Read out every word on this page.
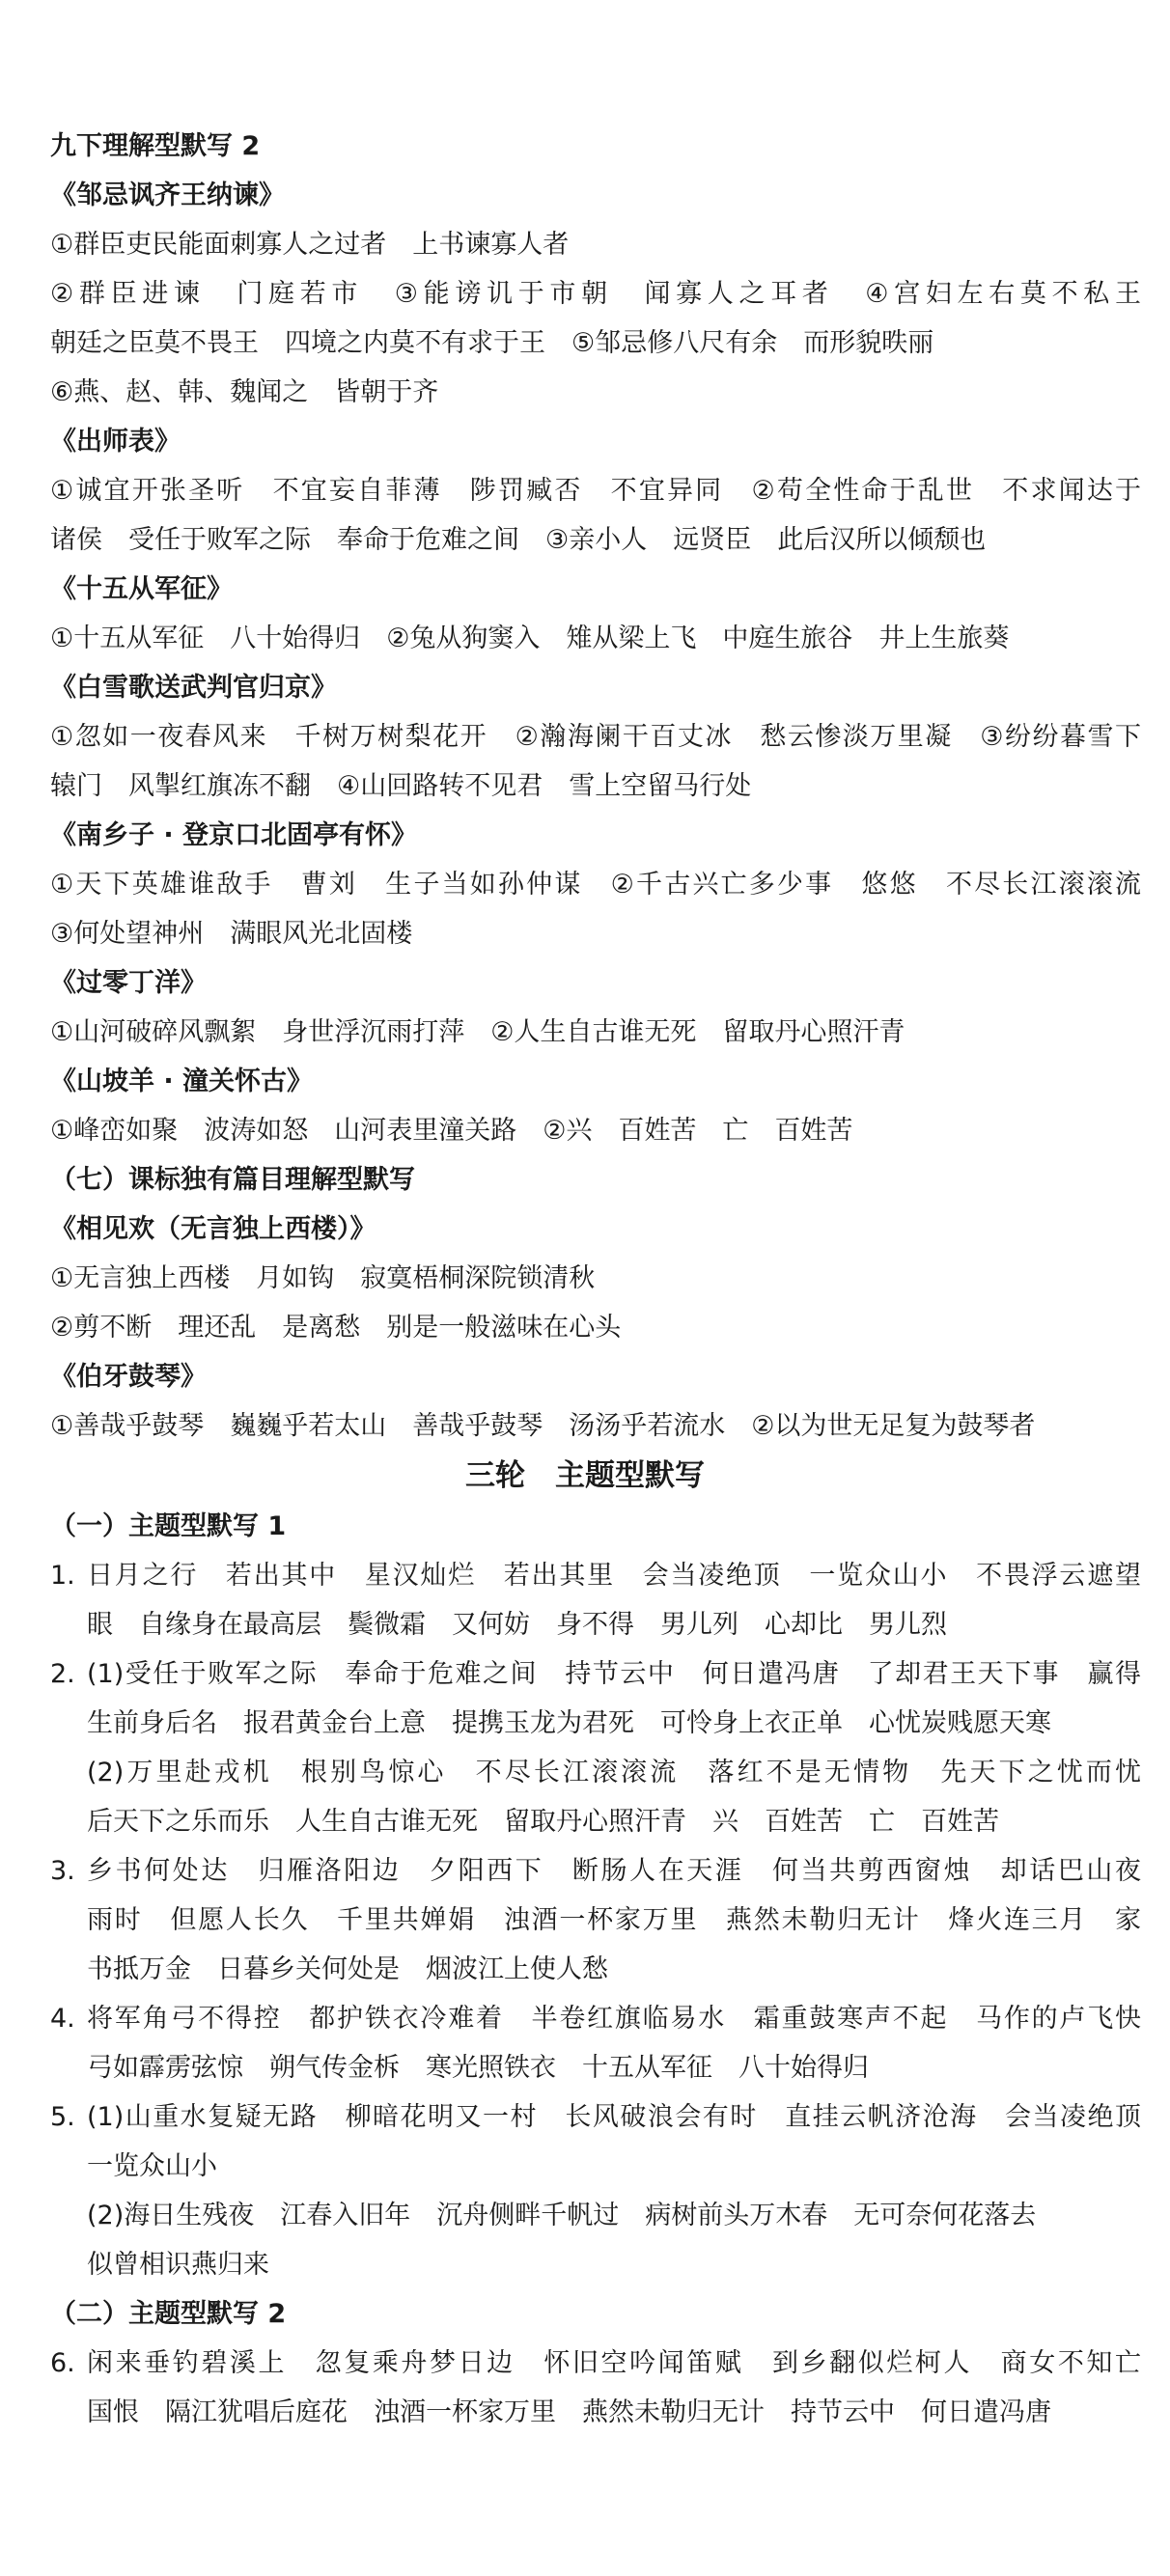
九下理解型默写 2
《邹忌讽齐王纳谏》
①群臣吏民能面刺寡人之过者　上书谏寡人者
②群臣进谏　门庭若市　③能谤讥于市朝　闻寡人之耳者　④宫妇左右莫不私王
朝廷之臣莫不畏王　四境之内莫不有求于王　⑤邹忌修八尺有余　而形貌昳丽
⑥燕、赵、韩、魏闻之　皆朝于齐
《出师表》
①诚宜开张圣听　不宜妄自菲薄　陟罚臧否　不宜异同　②苟全性命于乱世　不求闻达于
诸侯　受任于败军之际　奉命于危难之间　③亲小人　远贤臣　此后汉所以倾颓也
《十五从军征》
①十五从军征　八十始得归　②兔从狗窦入　雉从梁上飞　中庭生旅谷　井上生旅葵
《白雪歌送武判官归京》
①忽如一夜春风来　千树万树梨花开　②瀚海阑干百丈冰　愁云惨淡万里凝　③纷纷暮雪下
辕门　风掣红旗冻不翻　④山回路转不见君　雪上空留马行处
《南乡子 · 登京口北固亭有怀》
①天下英雄谁敌手　曹刘　生子当如孙仲谋　②千古兴亡多少事　悠悠　不尽长江滚滚流
③何处望神州　满眼风光北固楼
《过零丁洋》
①山河破碎风飘絮　身世浮沉雨打萍　②人生自古谁无死　留取丹心照汗青
《山坡羊 · 潼关怀古》
①峰峦如聚　波涛如怒　山河表里潼关路　②兴　百姓苦　亡　百姓苦
（七）课标独有篇目理解型默写
《相见欢（无言独上西楼）》
①无言独上西楼　月如钩　寂寞梧桐深院锁清秋
②剪不断　理还乱　是离愁　别是一般滋味在心头
《伯牙鼓琴》
①善哉乎鼓琴　巍巍乎若太山　善哉乎鼓琴　汤汤乎若流水　②以为世无足复为鼓琴者
三轮　主题型默写
（一）主题型默写 1
1. 日月之行　若出其中　星汉灿烂　若出其里　会当凌绝顶　一览众山小　不畏浮云遮望
眼　自缘身在最高层　鬓微霜　又何妨　身不得　男儿列　心却比　男儿烈
2. (1)受任于败军之际　奉命于危难之间　持节云中　何日遣冯唐　了却君王天下事　赢得
生前身后名　报君黄金台上意　提携玉龙为君死　可怜身上衣正单　心忧炭贱愿天寒
(2)万里赴戎机　根别鸟惊心　不尽长江滚滚流　落红不是无情物　先天下之忧而忧
后天下之乐而乐　人生自古谁无死　留取丹心照汗青　兴　百姓苦　亡　百姓苦
3. 乡书何处达　归雁洛阳边　夕阳西下　断肠人在天涯　何当共剪西窗烛　却话巴山夜
雨时　但愿人长久　千里共婵娟　浊酒一杯家万里　燕然未勒归无计　烽火连三月　家
书抵万金　日暮乡关何处是　烟波江上使人愁
4. 将军角弓不得控　都护铁衣冷难着　半卷红旗临易水　霜重鼓寒声不起　马作的卢飞快
弓如霹雳弦惊　朔气传金柝　寒光照铁衣　十五从军征　八十始得归
5. (1)山重水复疑无路　柳暗花明又一村　长风破浪会有时　直挂云帆济沧海　会当凌绝顶
一览众山小
(2)海日生残夜　江春入旧年　沉舟侧畔千帆过　病树前头万木春　无可奈何花落去
似曾相识燕归来
（二）主题型默写 2
6. 闲来垂钓碧溪上　忽复乘舟梦日边　怀旧空吟闻笛赋　到乡翻似烂柯人　商女不知亡
国恨　隔江犹唱后庭花　浊酒一杯家万里　燕然未勒归无计　持节云中　何日遣冯唐
